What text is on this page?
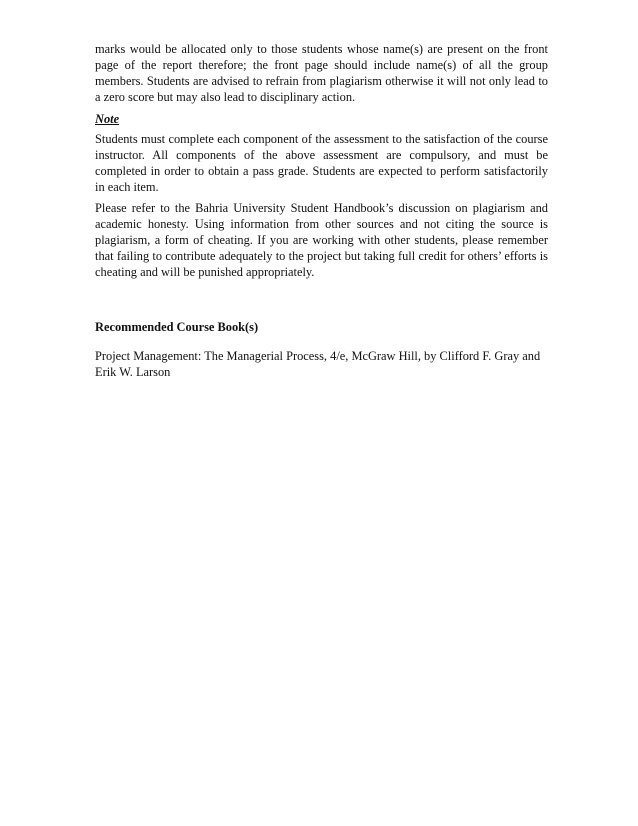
marks would be allocated only to those students whose name(s) are present on the front page of the report therefore; the front page should include name(s) of all the group members. Students are advised to refrain from plagiarism otherwise it will not only lead to a zero score but may also lead to disciplinary action.

Note

Students must complete each component of the assessment to the satisfaction of the course instructor. All components of the above assessment are compulsory, and must be completed in order to obtain a pass grade. Students are expected to perform satisfactorily in each item.

Please refer to the Bahria University Student Handbook’s discussion on plagiarism and academic honesty. Using information from other sources and not citing the source is plagiarism, a form of cheating. If you are working with other students, please remember that failing to contribute adequately to the project but taking full credit for others’ efforts is cheating and will be punished appropriately.

Recommended Course Book(s)

Project Management: The Managerial Process, 4/e, McGraw Hill, by Clifford F. Gray and Erik W. Larson
